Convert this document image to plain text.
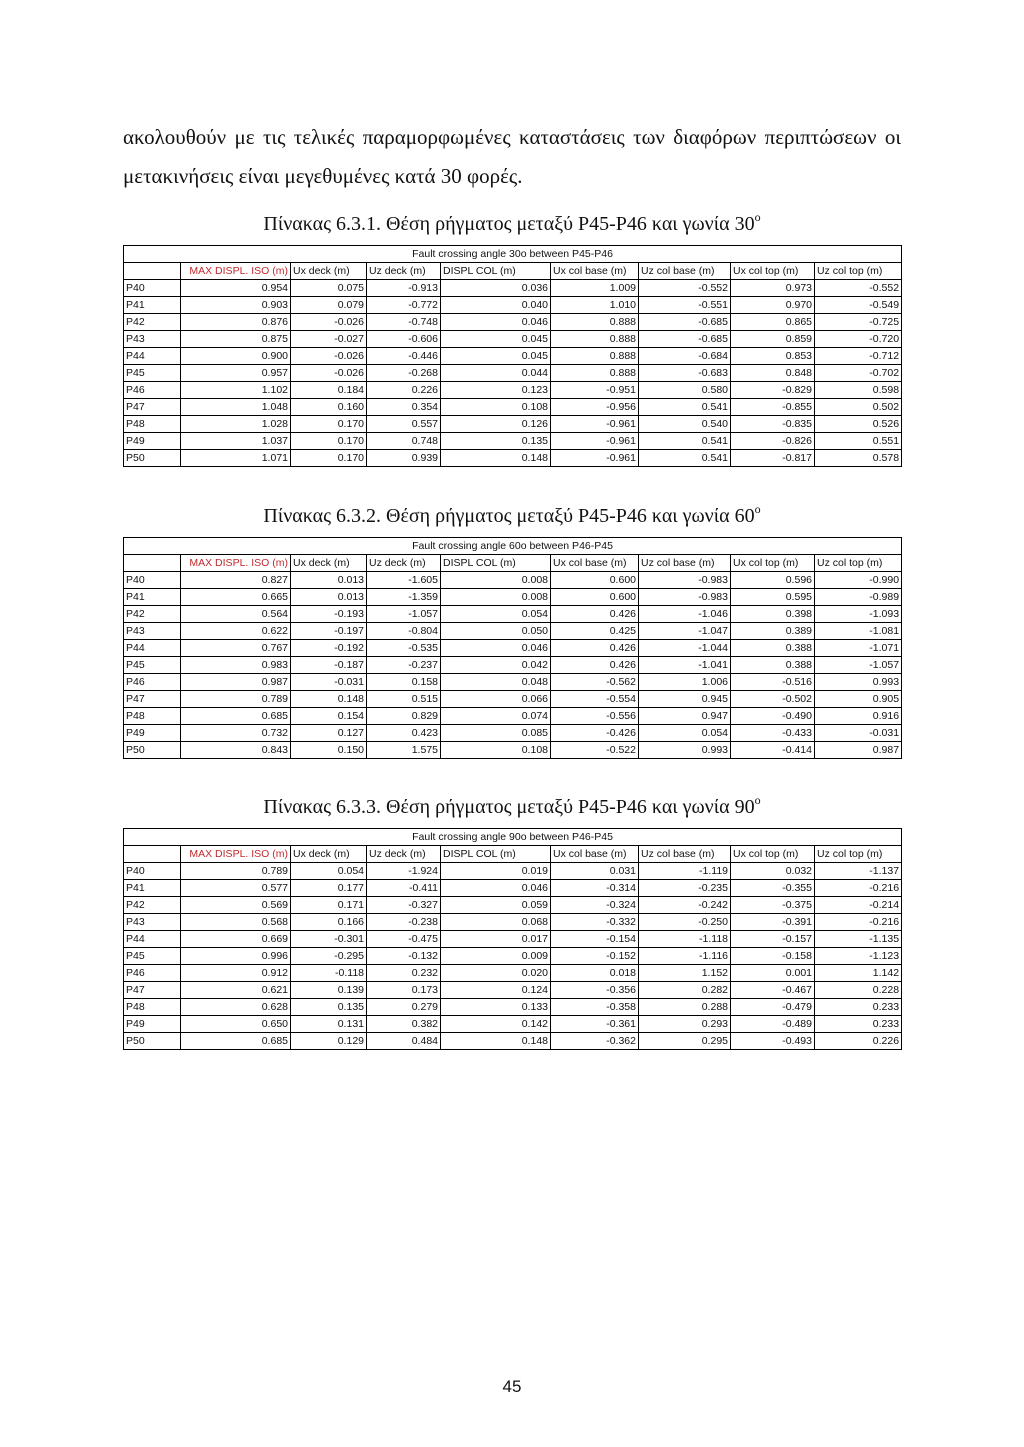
ακολουθούν με τις τελικές παραμορφωμένες καταστάσεις των διαφόρων περιπτώσεων οι μετακινήσεις είναι μεγεθυμένες κατά 30 φορές.

Πίνακας 6.3.1. Θέση ρήγματος μεταξύ P45-P46 και γωνία 30$^o$
Fault crossing angle 30o between P45-P46								
	MAX DISPL. ISO (m)	Ux deck (m)	Uz deck (m)	DISPL COL (m)	Ux col base (m)	Uz col base (m)	Ux col top (m)	Uz col top (m)
P40	0.954	0.075	-0.913	0.036	1.009	-0.552	0.973	-0.552
P41	0.903	0.079	-0.772	0.040	1.010	-0.551	0.970	-0.549
P42	0.876	-0.026	-0.748	0.046	0.888	-0.685	0.865	-0.725
P43	0.875	-0.027	-0.606	0.045	0.888	-0.685	0.859	-0.720
P44	0.900	-0.026	-0.446	0.045	0.888	-0.684	0.853	-0.712
P45	0.957	-0.026	-0.268	0.044	0.888	-0.683	0.848	-0.702
P46	1.102	0.184	0.226	0.123	-0.951	0.580	-0.829	0.598
P47	1.048	0.160	0.354	0.108	-0.956	0.541	-0.855	0.502
P48	1.028	0.170	0.557	0.126	-0.961	0.540	-0.835	0.526
P49	1.037	0.170	0.748	0.135	-0.961	0.541	-0.826	0.551
P50	1.071	0.170	0.939	0.148	-0.961	0.541	-0.817	0.578
Πίνακας 6.3.2. Θέση ρήγματος μεταξύ P45-P46 και γωνία 60$^o$
Fault crossing angle 60o between P46-P45								
	MAX DISPL. ISO (m)	Ux deck (m)	Uz deck (m)	DISPL COL (m)	Ux col base (m)	Uz col base (m)	Ux col top (m)	Uz col top (m)
P40	0.827	0.013	-1.605	0.008	0.600	-0.983	0.596	-0.990
P41	0.665	0.013	-1.359	0.008	0.600	-0.983	0.595	-0.989
P42	0.564	-0.193	-1.057	0.054	0.426	-1.046	0.398	-1.093
P43	0.622	-0.197	-0.804	0.050	0.425	-1.047	0.389	-1.081
P44	0.767	-0.192	-0.535	0.046	0.426	-1.044	0.388	-1.071
P45	0.983	-0.187	-0.237	0.042	0.426	-1.041	0.388	-1.057
P46	0.987	-0.031	0.158	0.048	-0.562	1.006	-0.516	0.993
P47	0.789	0.148	0.515	0.066	-0.554	0.945	-0.502	0.905
P48	0.685	0.154	0.829	0.074	-0.556	0.947	-0.490	0.916
P49	0.732	0.127	0.423	0.085	-0.426	0.054	-0.433	-0.031
P50	0.843	0.150	1.575	0.108	-0.522	0.993	-0.414	0.987
Πίνακας 6.3.3. Θέση ρήγματος μεταξύ P45-P46 και γωνία 90$^o$
Fault crossing angle 90o between P46-P45								
	MAX DISPL. ISO (m)	Ux deck (m)	Uz deck (m)	DISPL COL (m)	Ux col base (m)	Uz col base (m)	Ux col top (m)	Uz col top (m)
P40	0.789	0.054	-1.924	0.019	0.031	-1.119	0.032	-1.137
P41	0.577	0.177	-0.411	0.046	-0.314	-0.235	-0.355	-0.216
P42	0.569	0.171	-0.327	0.059	-0.324	-0.242	-0.375	-0.214
P43	0.568	0.166	-0.238	0.068	-0.332	-0.250	-0.391	-0.216
P44	0.669	-0.301	-0.475	0.017	-0.154	-1.118	-0.157	-1.135
P45	0.996	-0.295	-0.132	0.009	-0.152	-1.116	-0.158	-1.123
P46	0.912	-0.118	0.232	0.020	0.018	1.152	0.001	1.142
P47	0.621	0.139	0.173	0.124	-0.356	0.282	-0.467	0.228
P48	0.628	0.135	0.279	0.133	-0.358	0.288	-0.479	0.233
P49	0.650	0.131	0.382	0.142	-0.361	0.293	-0.489	0.233
P50	0.685	0.129	0.484	0.148	-0.362	0.295	-0.493	0.226
45
